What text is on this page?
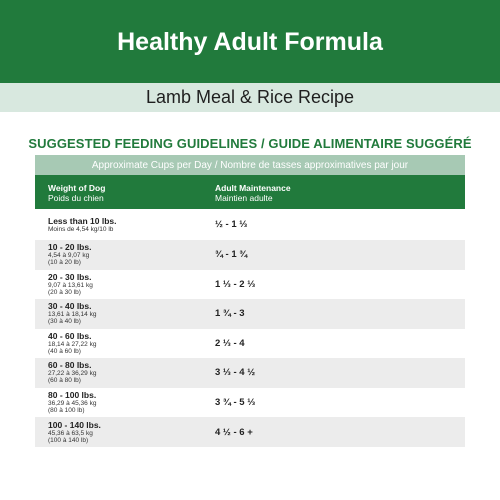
Healthy Adult Formula
Lamb Meal & Rice Recipe
SUGGESTED FEEDING GUIDELINES / GUIDE ALIMENTAIRE SUGGÉRÉ
Approximate Cups per Day / Nombre de tasses approximatives par jour
Weight of Dog
Poids du chien
Adult Maintenance
Maintien adulte
Less than 10 lbs.
Moins de 4,54 kg/10 lb	½ - 1 ⅓
10 - 20 lbs.
4,54 à 9,07 kg
(10 à 20 lb)
¾ - 1 ¾
20 - 30 lbs.
9,07 à 13,61 kg
(20 à 30 lb)
1 ⅓ - 2 ⅓
30 - 40 lbs.
13,61 à 18,14 kg
(30 à 40 lb)
1 ¾ - 3
40 - 60 lbs.
18,14 à 27,22 kg
(40 à 60 lb)
2 ⅓ - 4
60 - 80 lbs.
27,22 à 36,29 kg
(60 à 80 lb)
3 ⅓ - 4 ½
80 - 100 lbs.
36,29 à 45,36 kg
(80 à 100 lb)
3 ¾ - 5 ⅓
100 - 140 lbs.
45,36 à 63,5 kg
(100 à 140 lb)
4 ½ - 6 +
